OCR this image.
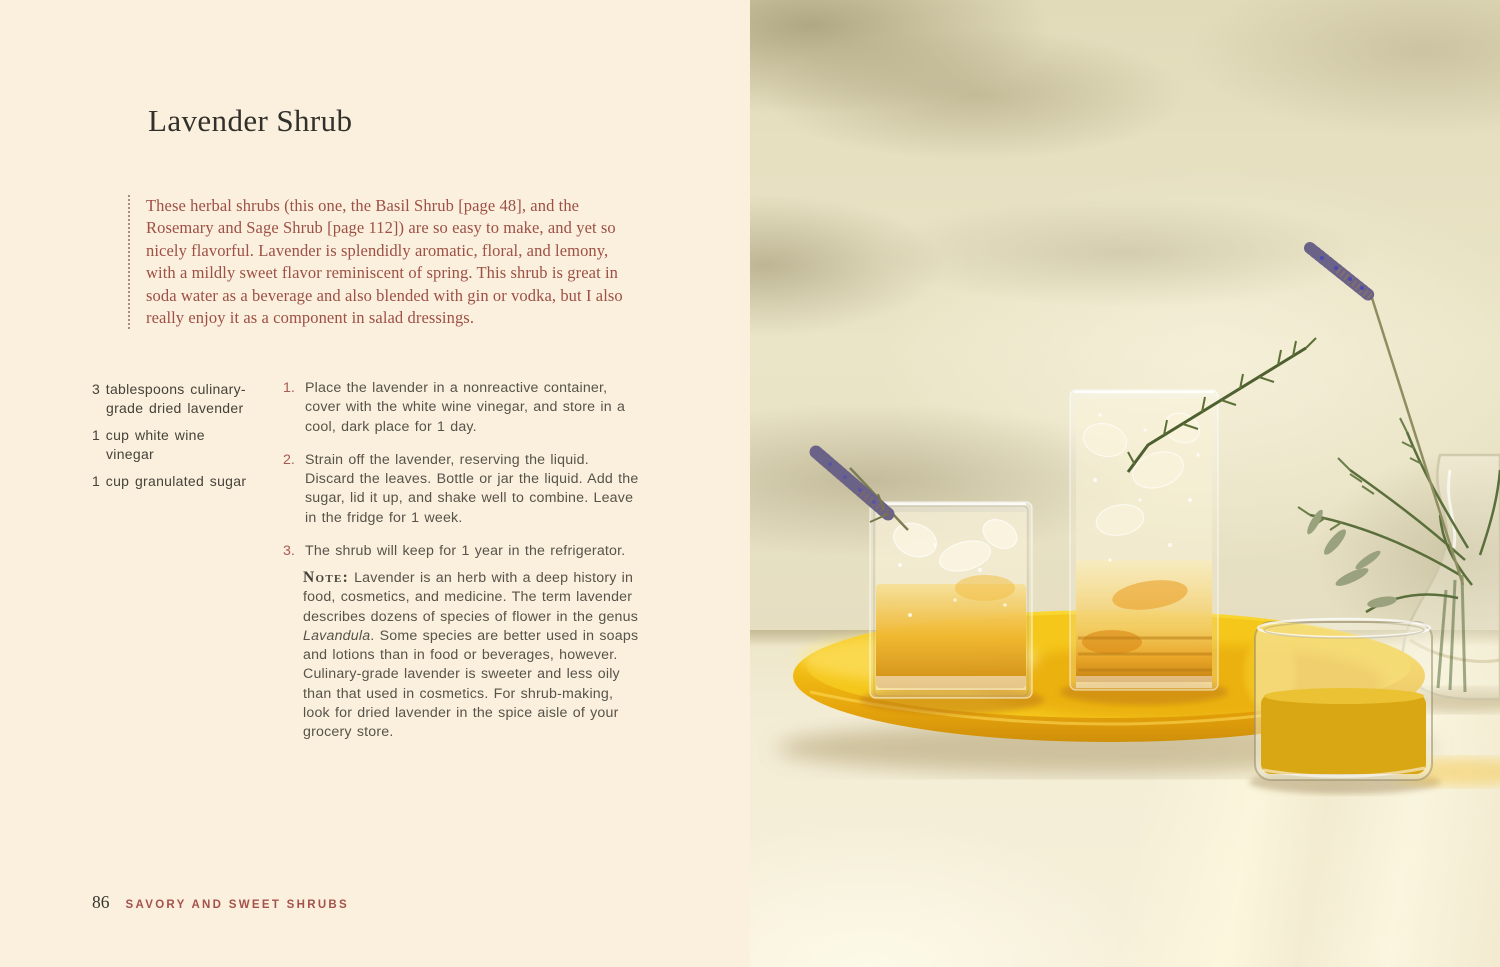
Lavender Shrub

These herbal shrubs (this one, the Basil Shrub [page 48], and the Rosemary and Sage Shrub [page 112]) are so easy to make, and yet so nicely flavorful. Lavender is splendidly aromatic, floral, and lemony, with a mildly sweet flavor reminiscent of spring. This shrub is great in soda water as a beverage and also blended with gin or vodka, but I also really enjoy it as a component in salad dressings.

3 tablespoons culinary-grade dried lavender
1 cup white wine vinegar
1 cup granulated sugar
1. Place the lavender in a nonreactive container, cover with the white wine vinegar, and store in a cool, dark place for 1 day.
2. Strain off the lavender, reserving the liquid. Discard the leaves. Bottle or jar the liquid. Add the sugar, lid it up, and shake well to combine. Leave in the fridge for 1 week.
3. The shrub will keep for 1 year in the refrigerator.

Note: Lavender is an herb with a deep history in food, cosmetics, and medicine. The term lavender describes dozens of species of flower in the genus Lavandula. Some species are better used in soaps and lotions than in food or beverages, however. Culinary-grade lavender is sweeter and less oily than that used in cosmetics. For shrub-making, look for dried lavender in the spice aisle of your grocery store.

86 SAVORY AND SWEET SHRUBS
